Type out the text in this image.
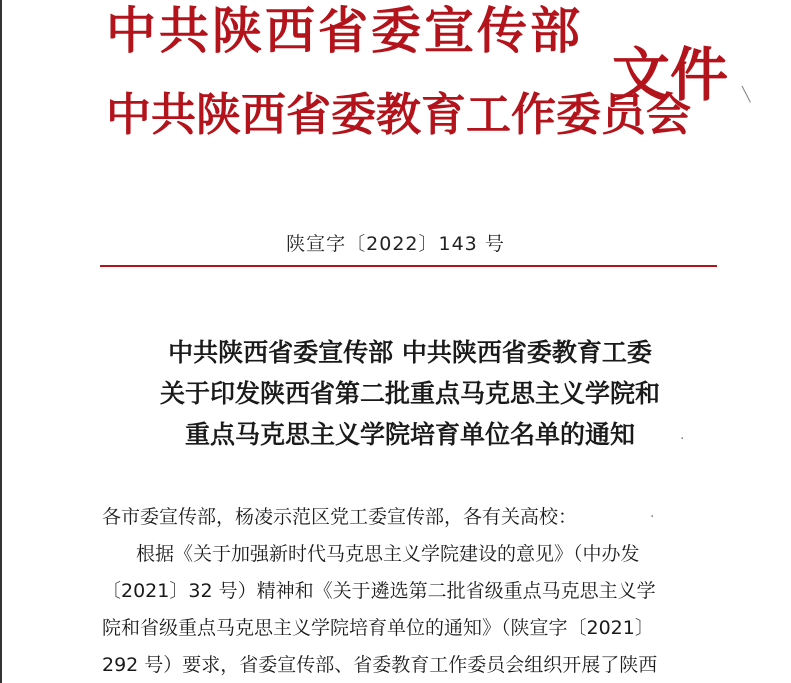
中共陕西省委宣传部
中共陕西省委教育工作委员会
文件
陕宣字〔2022〕143 号
中共陕西省委宣传部 中共陕西省委教育工委
关于印发陕西省第二批重点马克思主义学院和
重点马克思主义学院培育单位名单的通知
各市委宣传部，杨凌示范区党工委宣传部，各有关高校：
根据《关于加强新时代马克思主义学院建设的意见》（中办发
〔2021〕32 号）精神和《关于遴选第二批省级重点马克思主义学
院和省级重点马克思主义学院培育单位的通知》（陕宣字〔2021〕
292 号）要求，省委宣传部、省委教育工作委员会组织开展了陕西
╲
·
·
